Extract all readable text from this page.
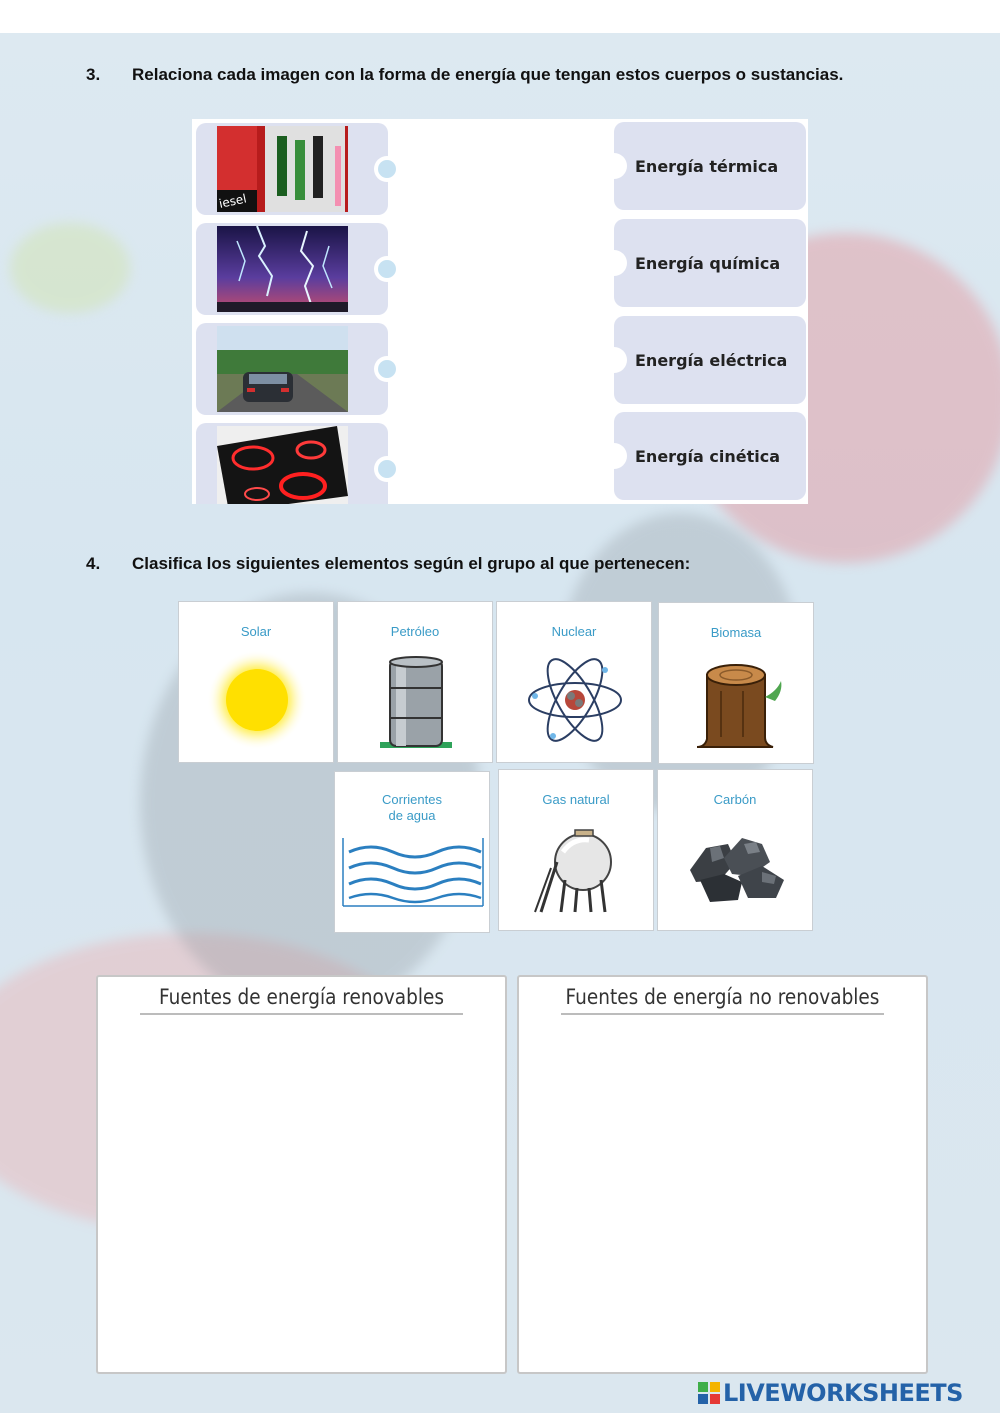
3. Relaciona cada imagen con la forma de energía que tengan estos cuerpos o sustancias.
iesel
Energía térmica
Energía química
Energía eléctrica
Energía cinética
4. Clasifica los siguientes elementos según el grupo al que pertenecen:
Solar	Petróleo	Nuclear	Biomasa
Corrientes de agua
Gas natural	Carbón
Fuentes de energía renovables	Fuentes de energía no renovables
LIVEWORKSHEETS
